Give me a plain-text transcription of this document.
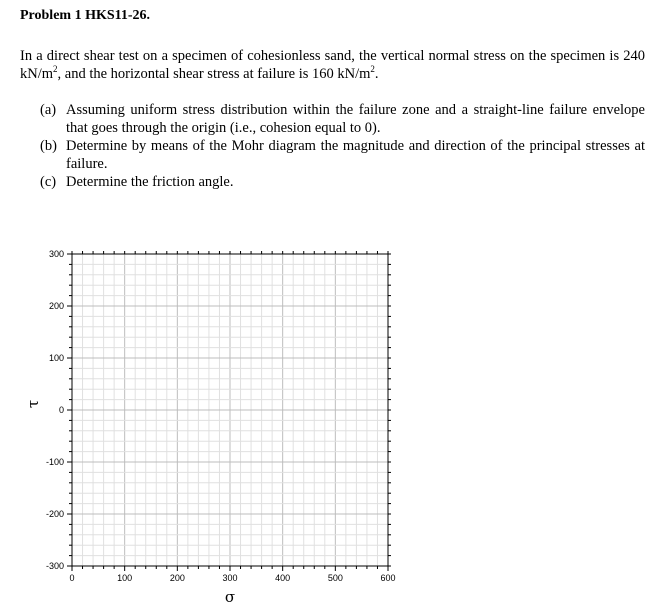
Problem 1 HKS11-26.
In a direct shear test on a specimen of cohesionless sand, the vertical normal stress on the specimen is 240 $kN/m^2$, and the horizontal shear stress at failure is 160 $kN/m^2$.
(a) Assuming uniform stress distribution within the failure zone and a straight-line failure envelope that goes through the origin (i.e., cohesion equal to 0).
(b) Determine by means of the Mohr diagram the magnitude and direction of the principal stresses at failure.
(c) Determine the friction angle.
0	100	200	300	400	500	600
300
200
100
0
-100
-200
-300
σ
τ
